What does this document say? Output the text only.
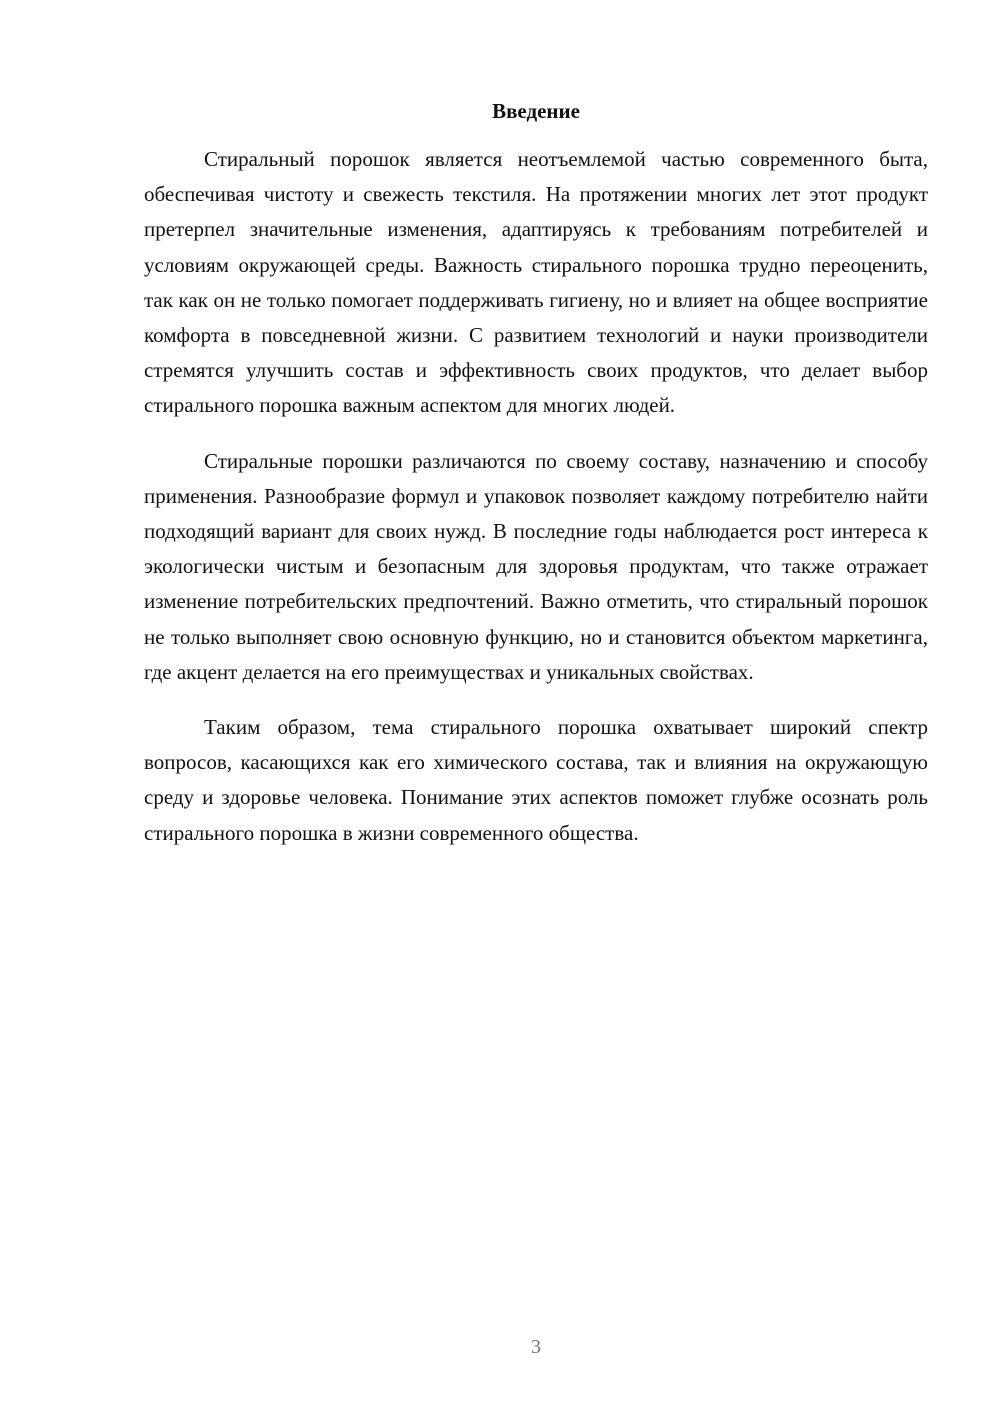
Введение

Стиральный порошок является неотъемлемой частью современного быта, обеспечивая чистоту и свежесть текстиля. На протяжении многих лет этот продукт претерпел значительные изменения, адаптируясь к требованиям потребителей и условиям окружающей среды. Важность стирального порошка трудно переоценить, так как он не только помогает поддерживать гигиену, но и влияет на общее восприятие комфорта в повседневной жизни. С развитием технологий и науки производители стремятся улучшить состав и эффективность своих продуктов, что делает выбор стирального порошка важным аспектом для многих людей.

Стиральные порошки различаются по своему составу, назначению и способу применения. Разнообразие формул и упаковок позволяет каждому потребителю найти подходящий вариант для своих нужд. В последние годы наблюдается рост интереса к экологически чистым и безопасным для здоровья продуктам, что также отражает изменение потребительских предпочтений. Важно отметить, что стиральный порошок не только выполняет свою основную функцию, но и становится объектом маркетинга, где акцент делается на его преимуществах и уникальных свойствах.

Таким образом, тема стирального порошка охватывает широкий спектр вопросов, касающихся как его химического состава, так и влияния на окружающую среду и здоровье человека. Понимание этих аспектов поможет глубже осознать роль стирального порошка в жизни современного общества.

3
